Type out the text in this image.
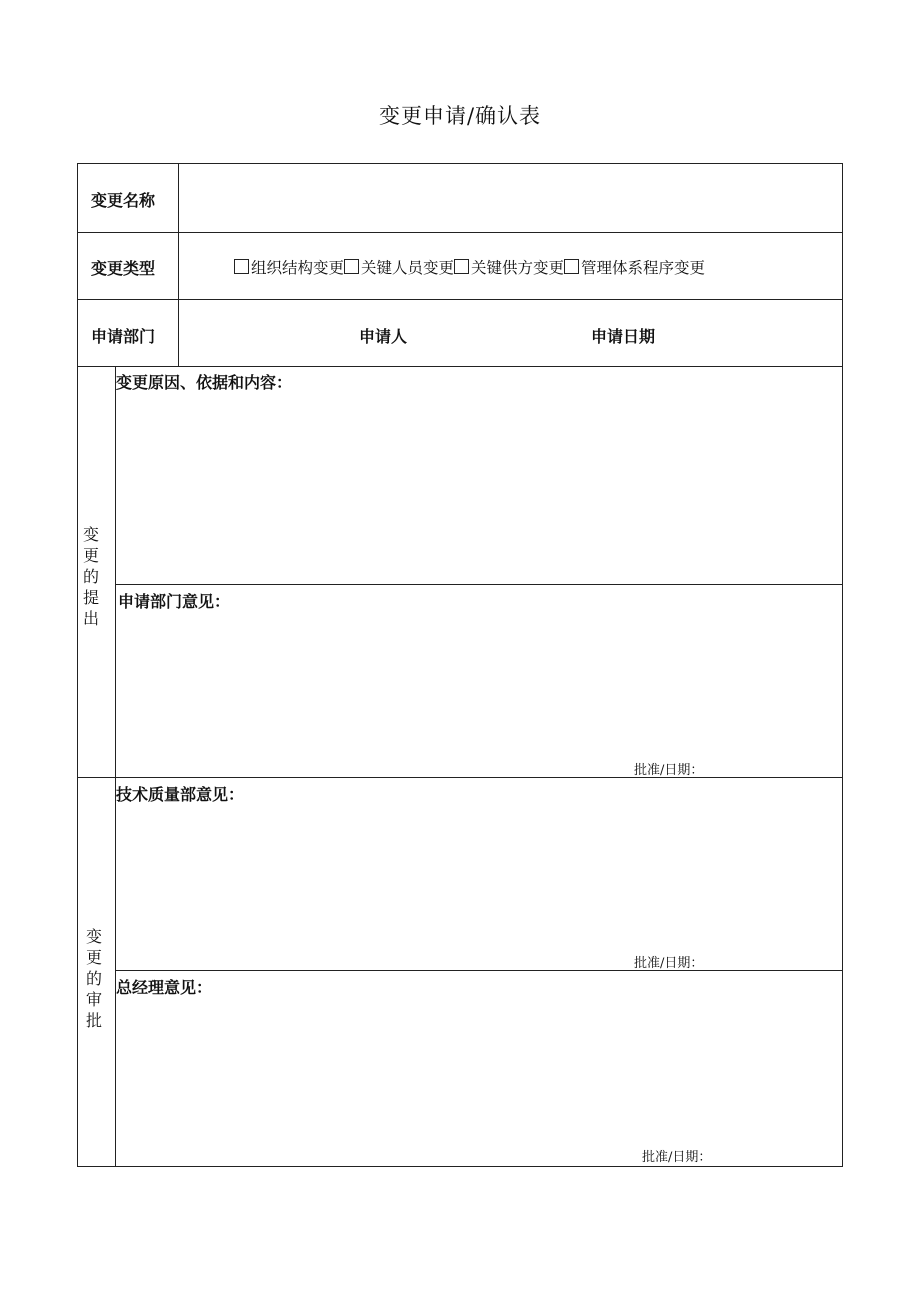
变更申请/确认表
变更名称
变更类型	组织结构变更 关键人员变更 关键供方变更 管理体系程序变更
申请部门	申请人	申请日期
变更的提出
变更原因、依据和内容：
申请部门意见：
批准/日期：
变更的审批
技术质量部意见：
批准/日期：
总经理意见：
批准/日期：
